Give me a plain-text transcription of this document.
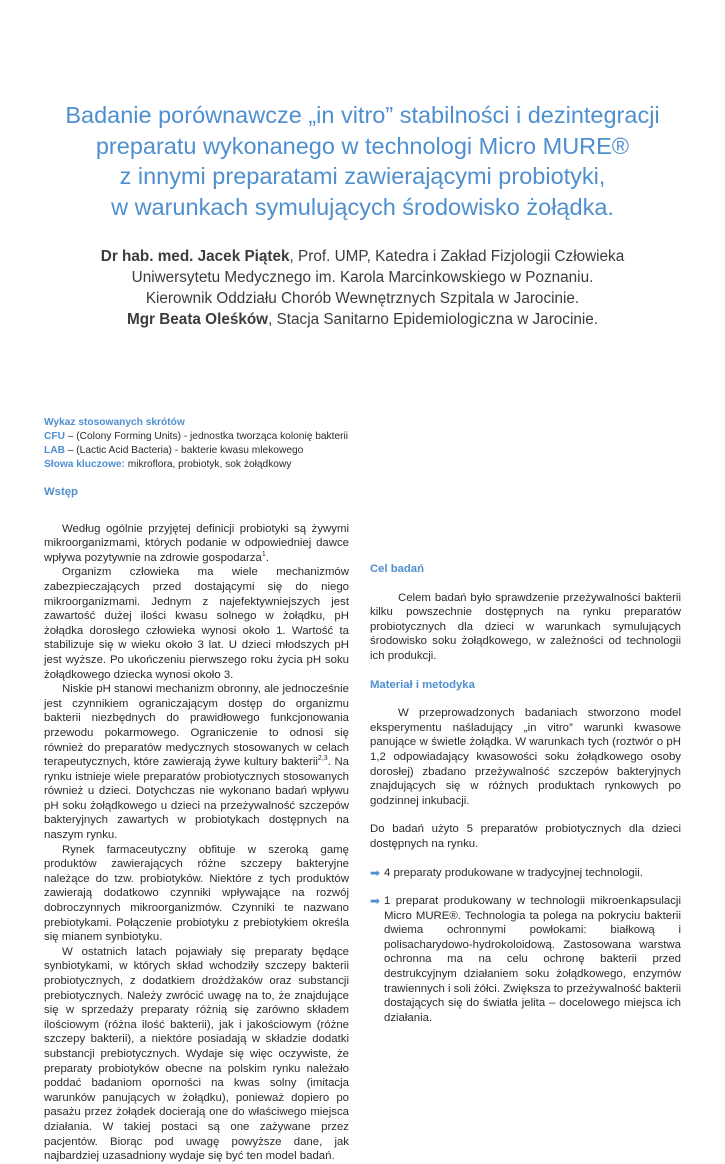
Badanie porównawcze „in vitro” stabilności i dezintegracji
preparatu wykonanego w technologi Micro MURE®
z innymi preparatami zawierającymi probiotyki,
w warunkach symulujących środowisko żołądka.
Dr hab. med. Jacek Piątek, Prof. UMP, Katedra i Zakład Fizjologii Człowieka
Uniwersytetu Medycznego im. Karola Marcinkowskiego w Poznaniu.
Kierownik Oddziału Chorób Wewnętrznych Szpitala w Jarocinie.
Mgr Beata Oleśków, Stacja Sanitarno Epidemiologiczna w Jarocinie.
Wykaz stosowanych skrótów
CFU – (Colony Forming Units) - jednostka tworząca kolonię bakterii
LAB – (Lactic Acid Bacteria) - bakterie kwasu mlekowego
Słowa kluczowe: mikroflora, probiotyk, sok żołądkowy
Wstęp

Według ogólnie przyjętej definicji probiotyki są żywymi mikroorganizmami, których podanie w odpowiedniej dawce wpływa pozytywnie na zdrowie gospodarza$^1$.

Organizm człowieka ma wiele mechanizmów zabezpieczających przed dostającymi się do niego mikroorganizmami. Jednym z najefektywniejszych jest zawartość dużej ilości kwasu solnego w żołądku, pH żołądka dorosłego człowieka wynosi około 1. Wartość ta stabilizuje się w wieku około 3 lat. U dzieci młodszych pH jest wyższe. Po ukończeniu pierwszego roku życia pH soku żołądkowego dziecka wynosi około 3.

Niskie pH stanowi mechanizm obronny, ale jednocześnie jest czynnikiem ograniczającym dostęp do organizmu bakterii niezbędnych do prawidłowego funkcjonowania przewodu pokarmowego. Ograniczenie to odnosi się również do preparatów medycznych stosowanych w celach terapeutycznych, które zawierają żywe kultury bakterii$^{2,3}$. Na rynku istnieje wiele preparatów probiotycznych stosowanych również u dzieci. Dotychczas nie wykonano badań wpływu pH soku żołądkowego u dzieci na przeżywalność szczepów bakteryjnych zawartych w probiotykach dostępnych na naszym rynku.

Rynek farmaceutyczny obfituje w szeroką gamę produktów zawierających różne szczepy bakteryjne należące do tzw. probiotyków. Niektóre z tych produktów zawierają dodatkowo czynniki wpływające na rozwój dobroczynnych mikroorganizmów. Czynniki te nazwano prebiotykami. Połączenie probiotyku z prebiotykiem określa się mianem synbiotyku.

W ostatnich latach pojawiały się preparaty będące synbiotykami, w których skład wchodziły szczepy bakterii probiotycznych, z dodatkiem drożdżaków oraz substancji prebiotycznych. Należy zwrócić uwagę na to, że znajdujące się w sprzedaży preparaty różnią się zarówno składem ilościowym (różna ilość bakterii), jak i jakościowym (różne szczepy bakterii), a niektóre posiadają w składzie dodatki substancji prebiotycznych. Wydaje się więc oczywiste, że preparaty probiotyków obecne na polskim rynku należało poddać badaniom oporności na kwas solny (imitacja warunków panujących w żołądku), ponieważ dopiero po pasażu przez żołądek docierają one do właściwego miejsca działania. W takiej postaci są one zażywane przez pacjentów. Biorąc pod uwagę powyższe dane, jak najbardziej uzasadniony wydaje się być ten model badań.

Cel badań

Celem badań było sprawdzenie przeżywalności bakterii kilku powszechnie dostępnych na rynku preparatów probiotycznych dla dzieci w warunkach symulujących środowisko soku żołądkowego, w zależności od technologii ich produkcji.

Materiał i metodyka

W przeprowadzonych badaniach stworzono model eksperymentu naśladujący „in vitro” warunki kwasowe panujące w świetle żołądka. W warunkach tych (roztwór o pH 1,2 odpowiadający kwasowości soku żołądkowego osoby dorosłej) zbadano przeżywalność szczepów bakteryjnych znajdujących się w różnych produktach rynkowych po godzinnej inkubacji.

Do badań użyto 5 preparatów probiotycznych dla dzieci dostępnych na rynku.

➡ 4 preparaty produkowane w tradycyjnej technologii.
➡ 1 preparat produkowany w technologii mikroenkapsulacji Micro MURE®. Technologia ta polega na pokryciu bakterii dwiema ochronnymi powłokami: białkową i polisacharydowo-hydrokoloidową. Zastosowana warstwa ochronna ma na celu ochronę bakterii przed destrukcyjnym działaniem soku żołądkowego, enzymów trawiennych i soli żółci. Zwiększa to przeżywalność bakterii dostających się do światła jelita – docelowego miejsca ich działania.
